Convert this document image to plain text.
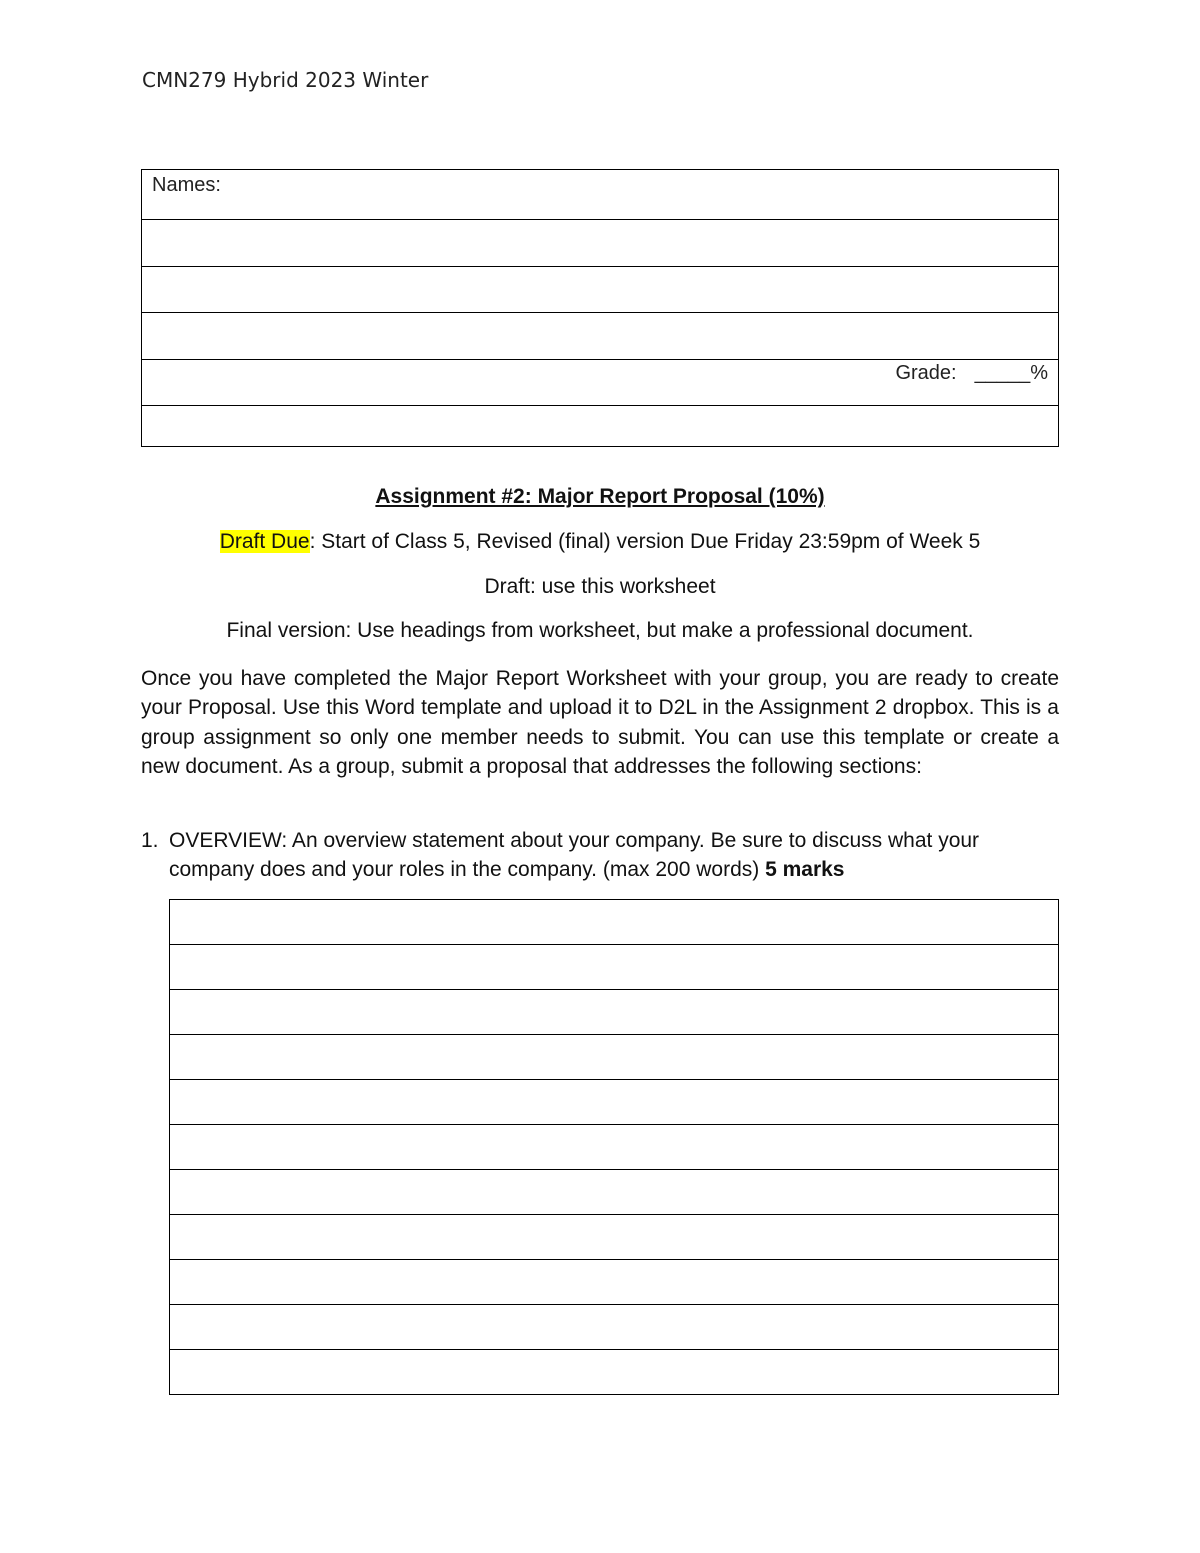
CMN279 Hybrid 2023 Winter
Names:

Grade: _____%

Assignment #2: Major Report Proposal (10%)
Draft Due: Start of Class 5, Revised (final) version Due Friday 23:59pm of Week 5
Draft: use this worksheet
Final version: Use headings from worksheet, but make a professional document.
Once you have completed the Major Report Worksheet with your group, you are ready to create your Proposal. Use this Word template and upload it to D2L in the Assignment 2 dropbox. This is a group assignment so only one member needs to submit. You can use this template or create a new document. As a group, submit a proposal that addresses the following sections:
1. OVERVIEW: An overview statement about your company. Be sure to discuss what your company does and your roles in the company. (max 200 words) 5 marks
